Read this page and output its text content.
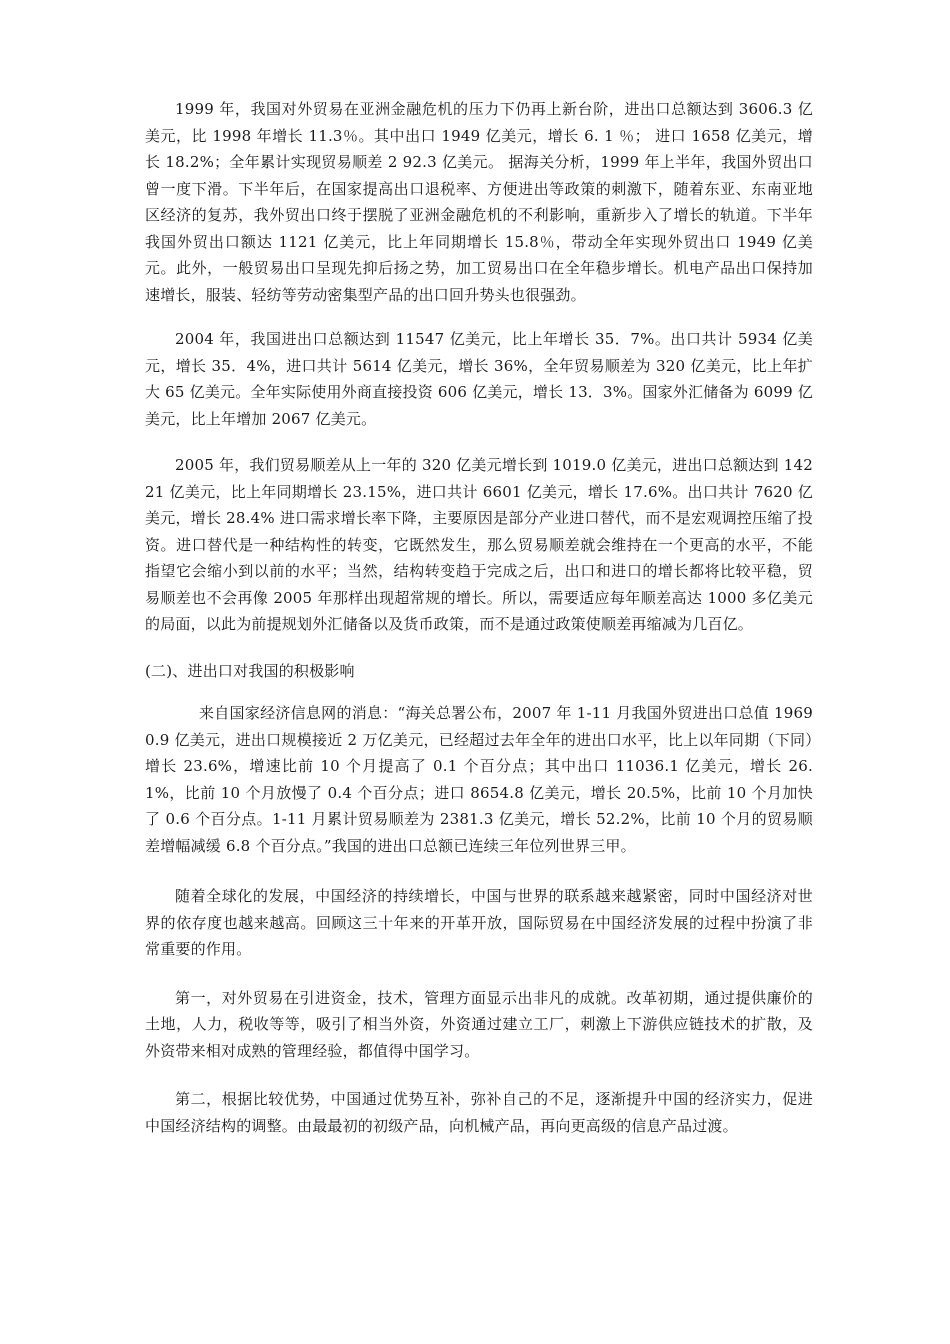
1999 年，我国对外贸易在亚洲金融危机的压力下仍再上新台阶，进出口总额达到 3606.3 亿美元，比 1998 年增长 11.3％。其中出口 1949 亿美元，增长 6. 1 ％； 进口 1658 亿美元，增长 18.2%；全年累计实现贸易顺差 2 92.3 亿美元。 据海关分析，1999 年上半年，我国外贸出口曾一度下滑。下半年后，在国家提高出口退税率、方便进出等政策的刺激下，随着东亚、东南亚地区经济的复苏，我外贸出口终于摆脱了亚洲金融危机的不利影响，重新步入了增长的轨道。下半年我国外贸出口额达 1121 亿美元，比上年同期增长 15.8％，带动全年实现外贸出口 1949 亿美元。此外，一般贸易出口呈现先抑后扬之势，加工贸易出口在全年稳步增长。机电产品出口保持加速增长，服装、轻纺等劳动密集型产品的出口回升势头也很强劲。

2004 年，我国进出口总额达到 11547 亿美元，比上年增长 35．7%。出口共计 5934 亿美元，增长 35．4%，进口共计 5614 亿美元，增长 36%，全年贸易顺差为 320 亿美元，比上年扩大 65 亿美元。全年实际使用外商直接投资 606 亿美元，增长 13．3%。国家外汇储备为 6099 亿美元，比上年增加 2067 亿美元。

2005 年，我们贸易顺差从上一年的 320 亿美元增长到 1019.0 亿美元，进出口总额达到 14221 亿美元，比上年同期增长 23.15%，进口共计 6601 亿美元，增长 17.6%。出口共计 7620 亿美元，增长 28.4% 进口需求增长率下降，主要原因是部分产业进口替代，而不是宏观调控压缩了投资。进口替代是一种结构性的转变，它既然发生，那么贸易顺差就会维持在一个更高的水平，不能指望它会缩小到以前的水平；当然，结构转变趋于完成之后，出口和进口的增长都将比较平稳，贸易顺差也不会再像 2005 年那样出现超常规的增长。所以，需要适应每年顺差高达 1000 多亿美元的局面，以此为前提规划外汇储备以及货币政策，而不是通过政策使顺差再缩减为几百亿。

(二)、进出口对我国的积极影响

来自国家经济信息网的消息：“海关总署公布，2007 年 1-11 月我国外贸进出口总值 19690.9 亿美元，进出口规模接近 2 万亿美元，已经超过去年全年的进出口水平，比上以年同期（下同）增长 23.6%，增速比前 10 个月提高了 0.1 个百分点；其中出口 11036.1 亿美元，增长 26.1%，比前 10 个月放慢了 0.4 个百分点；进口 8654.8 亿美元，增长 20.5%，比前 10 个月加快了 0.6 个百分点。1-11 月累计贸易顺差为 2381.3 亿美元，增长 52.2%，比前 10 个月的贸易顺差增幅减缓 6.8 个百分点。”我国的进出口总额已连续三年位列世界三甲。

随着全球化的发展，中国经济的持续增长，中国与世界的联系越来越紧密，同时中国经济对世界的依存度也越来越高。回顾这三十年来的开革开放，国际贸易在中国经济发展的过程中扮演了非常重要的作用。

第一，对外贸易在引进资金，技术，管理方面显示出非凡的成就。改革初期，通过提供廉价的土地，人力，税收等等，吸引了相当外资，外资通过建立工厂，刺激上下游供应链技术的扩散，及外资带来相对成熟的管理经验，都值得中国学习。

第二，根据比较优势，中国通过优势互补，弥补自己的不足，逐渐提升中国的经济实力，促进中国经济结构的调整。由最最初的初级产品，向机械产品，再向更高级的信息产品过渡。
